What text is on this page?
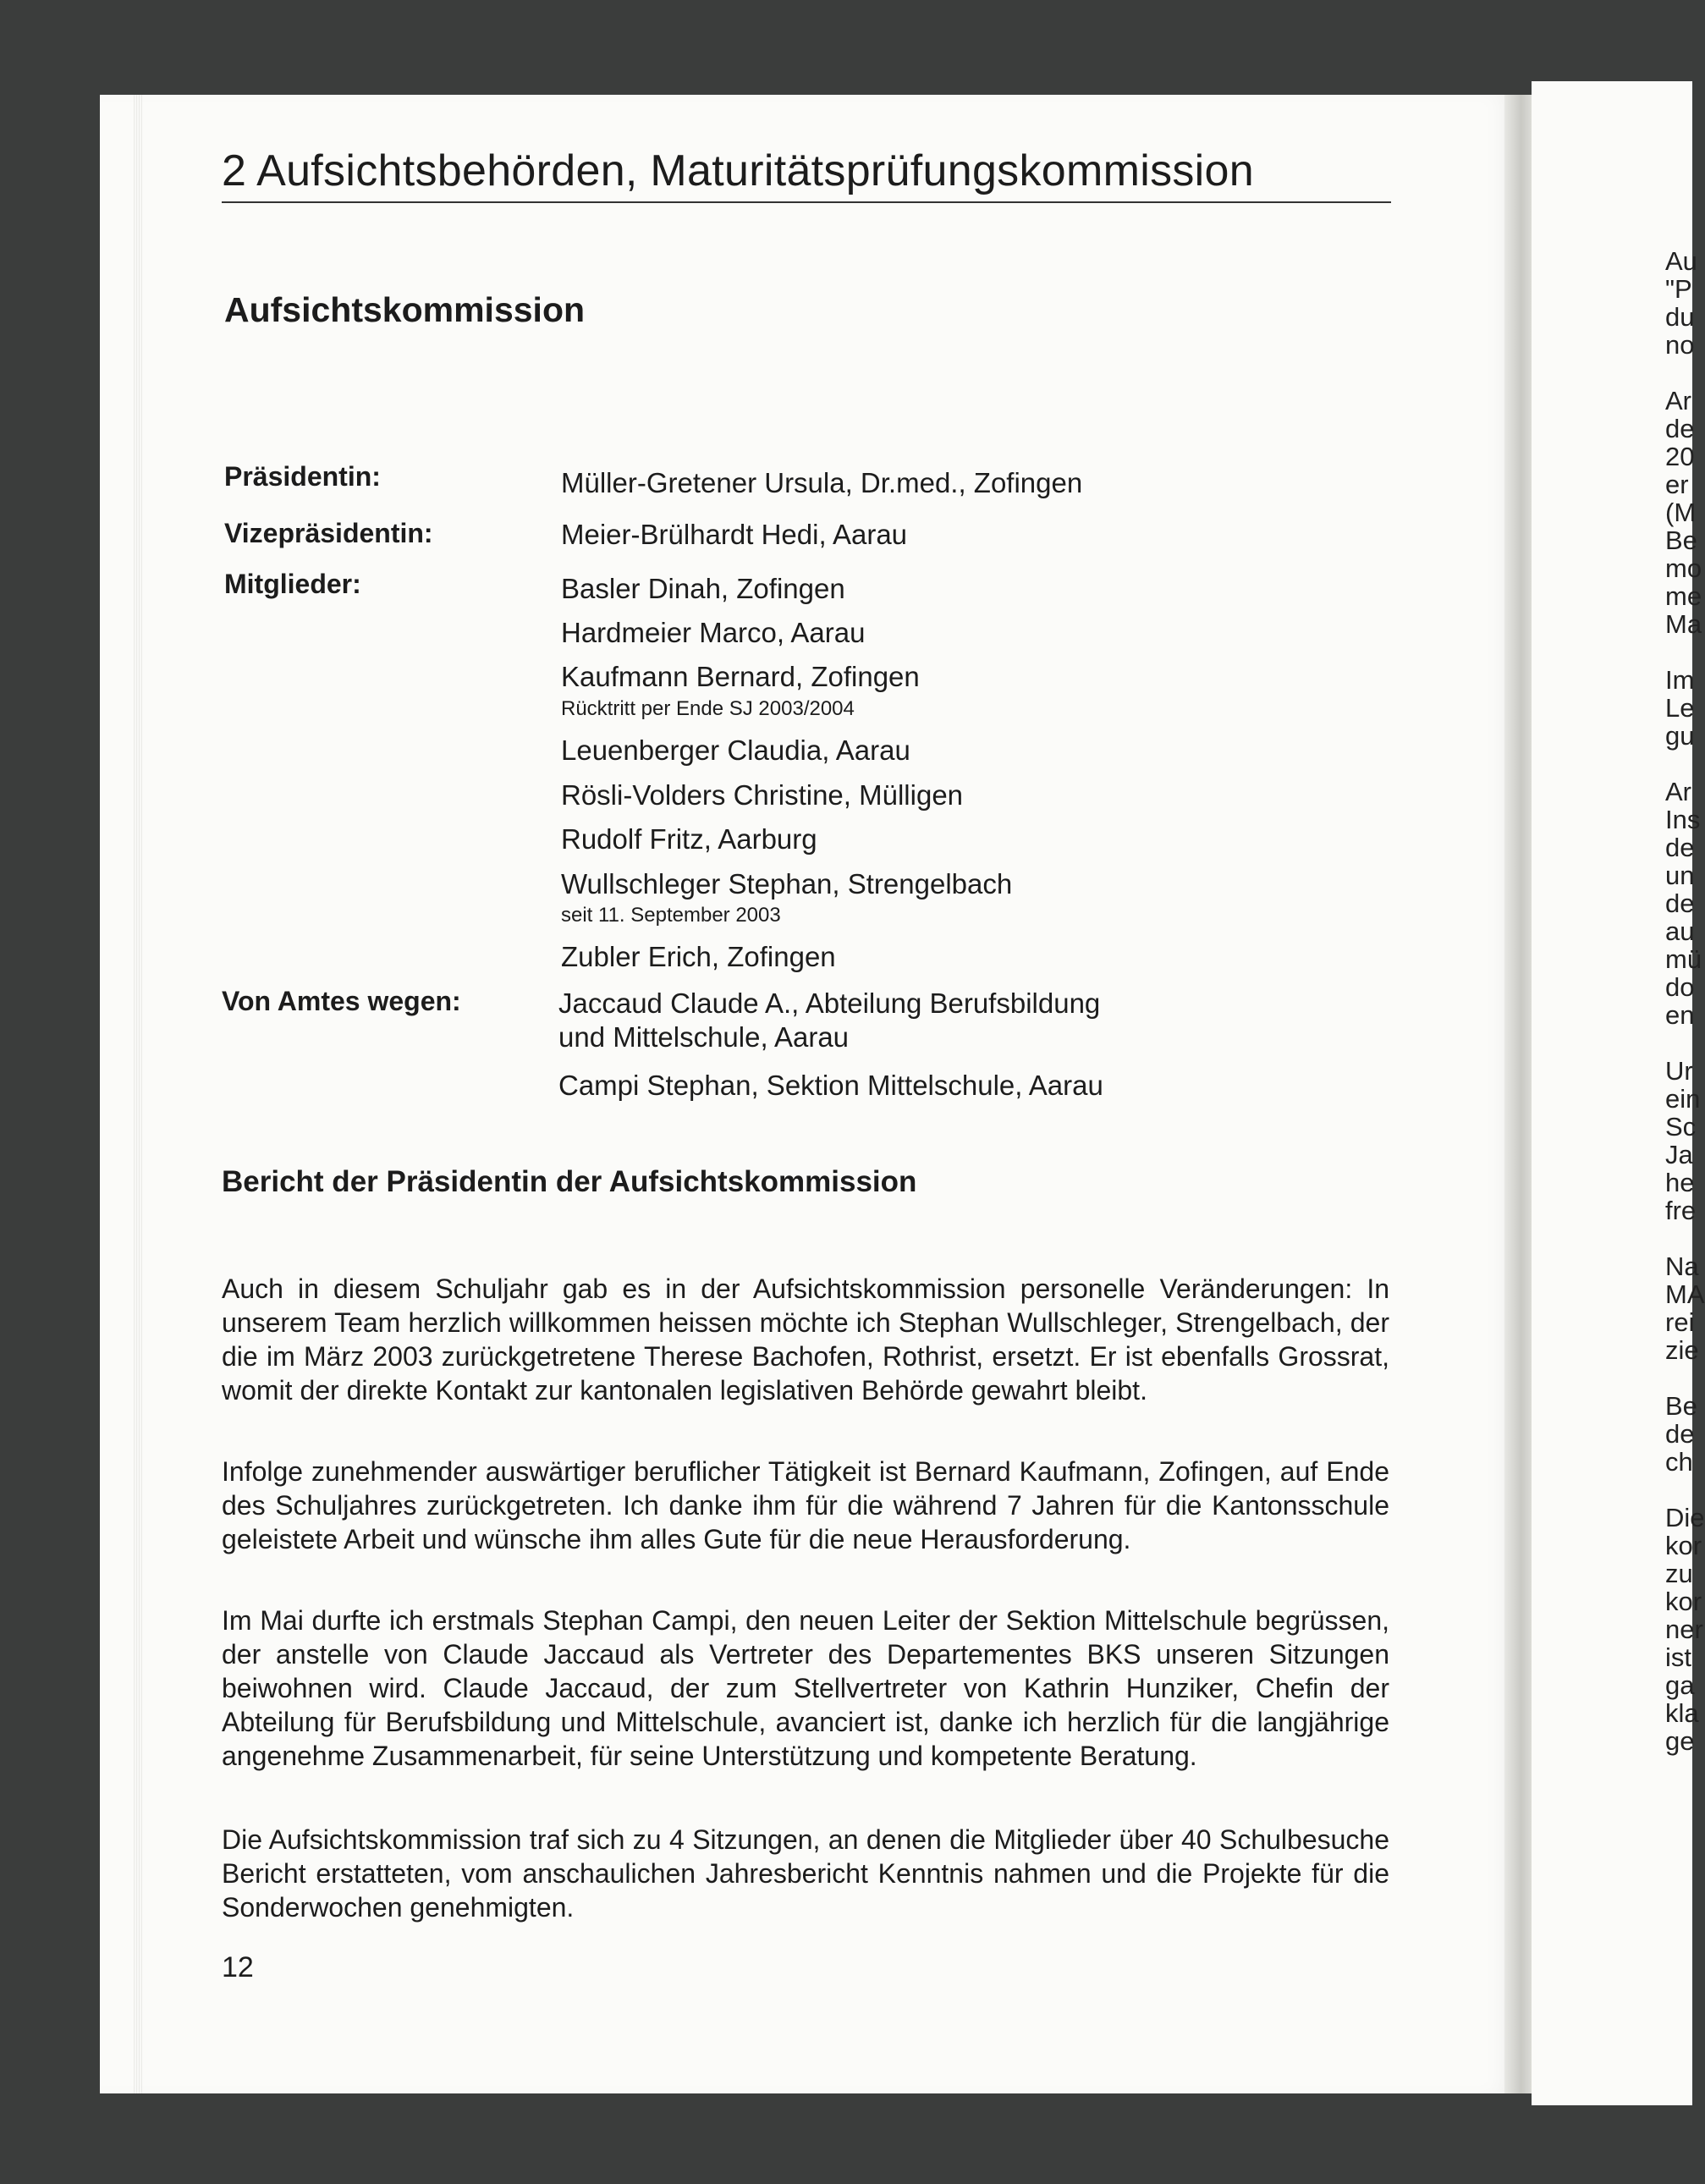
Au
"P
du
no

Ar
de
20
er
(M
Be
mo
me
Ma

Im
Le
gu

Ar
Ins
de
un
de
au
mü
do
en

Ur
ein
Sc
Ja
he
fre

Na
MA
rei
zie

Be
de
ch

Die
kor
zu
kor
ner
ist
ga
kla
ge
2 Aufsichtsbehörden, Maturitätsprüfungskommission
Aufsichtskommission
Präsidentin:	Müller-Gretener Ursula, Dr.med., Zofingen
Vizepräsidentin:	Meier-Brülhardt Hedi, Aarau
Mitglieder:	Basler Dinah, Zofingen
Hardmeier Marco, Aarau
Kaufmann Bernard, Zofingen
Rücktritt per Ende SJ 2003/2004
Leuenberger Claudia, Aarau
Rösli-Volders Christine, Mülligen
Rudolf Fritz, Aarburg
Wullschleger Stephan, Strengelbach
seit 11. September 2003
Zubler Erich, Zofingen
Von Amtes wegen:	Jaccaud Claude A., Abteilung Berufsbildung
und Mittelschule, Aarau
Campi Stephan, Sektion Mittelschule, Aarau
Bericht der Präsidentin der Aufsichtskommission

Auch in diesem Schuljahr gab es in der Aufsichtskommission personelle Veränderungen: In unserem Team herzlich willkommen heissen möchte ich Stephan Wullschleger, Strengelbach, der die im März 2003 zurückgetretene Therese Bachofen, Rothrist, ersetzt. Er ist ebenfalls Grossrat, womit der direkte Kontakt zur kantonalen legislativen Behörde gewahrt bleibt.

Infolge zunehmender auswärtiger beruflicher Tätigkeit ist Bernard Kaufmann, Zofingen, auf Ende des Schuljahres zurückgetreten. Ich danke ihm für die während 7 Jahren für die Kantonsschule geleistete Arbeit und wünsche ihm alles Gute für die neue Herausforderung.

Im Mai durfte ich erstmals Stephan Campi, den neuen Leiter der Sektion Mittelschule begrüssen, der anstelle von Claude Jaccaud als Vertreter des Departementes BKS unseren Sitzungen beiwohnen wird. Claude Jaccaud, der zum Stellvertreter von Kathrin Hunziker, Chefin der Abteilung für Berufsbildung und Mittelschule, avanciert ist, danke ich herzlich für die langjährige angenehme Zusammenarbeit, für seine Unterstützung und kompetente Beratung.

Die Aufsichtskommission traf sich zu 4 Sitzungen, an denen die Mitglieder über 40 Schulbesuche Bericht erstatteten, vom anschaulichen Jahresbericht Kenntnis nahmen und die Projekte für die Sonderwochen genehmigten.

12
